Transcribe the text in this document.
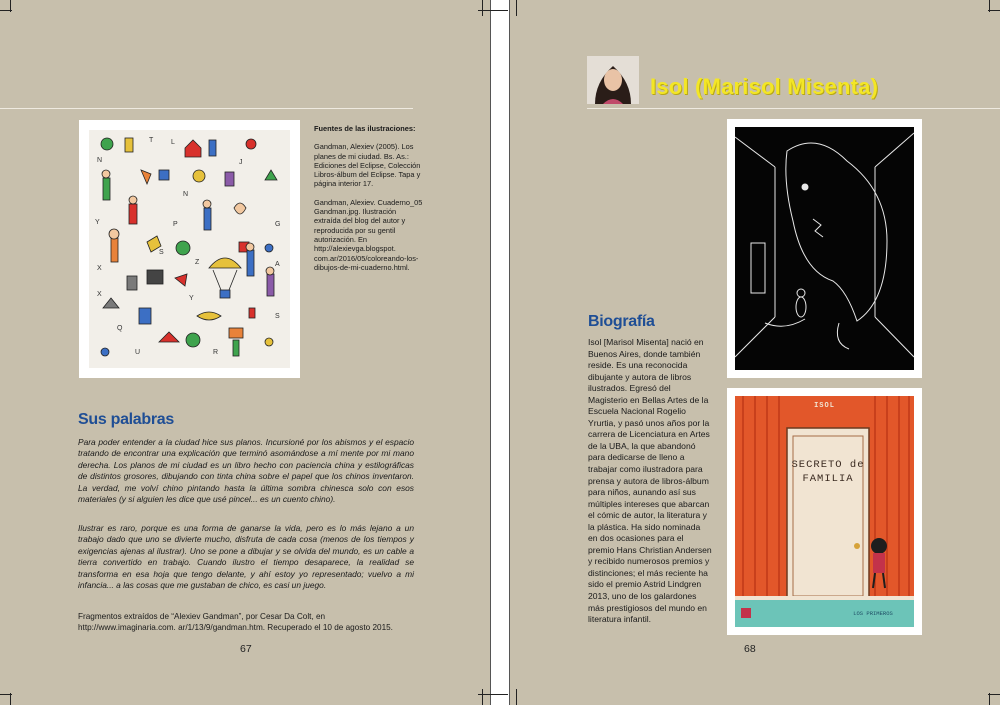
N
T	L
J
N
Y	P
S
G
X
Z	A
X
Y
Q
U	R
S
Fuentes de las ilustraciones:

Gandman, Alexiev (2005). Los planes de mi ciudad. Bs. As.: Ediciones del Eclipse, Colección Libros-álbum del Eclipse. Tapa y página interior 17.

Gandman, Alexiev. Cuaderno_05 Gandman.jpg. Ilustración extraída del blog del autor y reproducida por su gentil autorización. En http://alexievga.blogspot. com.ar/2016/05/coloreando-los-dibujos-de-mi-cuaderno.html.

Sus palabras

Para poder entender a la ciudad hice sus planos. Incursioné por los abismos y el espacio tratando de encontrar una explicación que terminó asomándose a mí mente por mi mano derecha. Los planos de mi ciudad es un libro hecho con paciencia china y estilográficas de distintos grosores, dibujando con tinta china sobre el papel que los chinos inventaron. La verdad, me volví chino pintando hasta la última sombra chinesca solo con esos materiales (y si alguien les dice que usé pincel... es un cuento chino).

Ilustrar es raro, porque es una forma de ganarse la vida, pero es lo más lejano a un trabajo dado que uno se divierte mucho, disfruta de cada cosa (menos de los tiempos y exigencias ajenas al ilustrar). Uno se pone a dibujar y se olvida del mundo, es un cable a tierra convertido en trabajo. Cuando ilustro el tiempo desaparece, la realidad se transforma en esa hoja que tengo delante, y ahí estoy yo representado; vuelvo a mi infancia... a las cosas que me gustaban de chico, es casi un juego.

Fragmentos extraídos de “Alexiev Gandman”, por Cesar Da Colt, en http://www.imaginaria.com. ar/1/13/9/gandman.htm. Recuperado el 10 de agosto 2015.
67
Isol (Marisol Misenta)
Biografía

Isol [Marisol Misenta] nació en Buenos Aires, donde también reside. Es una reconocida dibujante y autora de libros ilustrados. Egresó del Magisterio en Bellas Artes de la Escuela Nacional Rogelio Yrurtia, y pasó unos años por la carrera de Licenciatura en Artes de la UBA, la que abandonó para dedicarse de lleno a trabajar como ilustradora para prensa y autora de libros-álbum para niños, aunando así sus múltiples intereses que abarcan el cómic de autor, la literatura y la plástica. Ha sido nominada en dos ocasiones para el premio Hans Christian Andersen y recibido numerosos premios y distinciones; el más reciente ha sido el premio Astrid Lindgren 2013, uno de los galardones más prestigiosos del mundo en literatura infantil.

ISOL
SECRETO de
FAMILIA
LOS PRIMEROS
68
